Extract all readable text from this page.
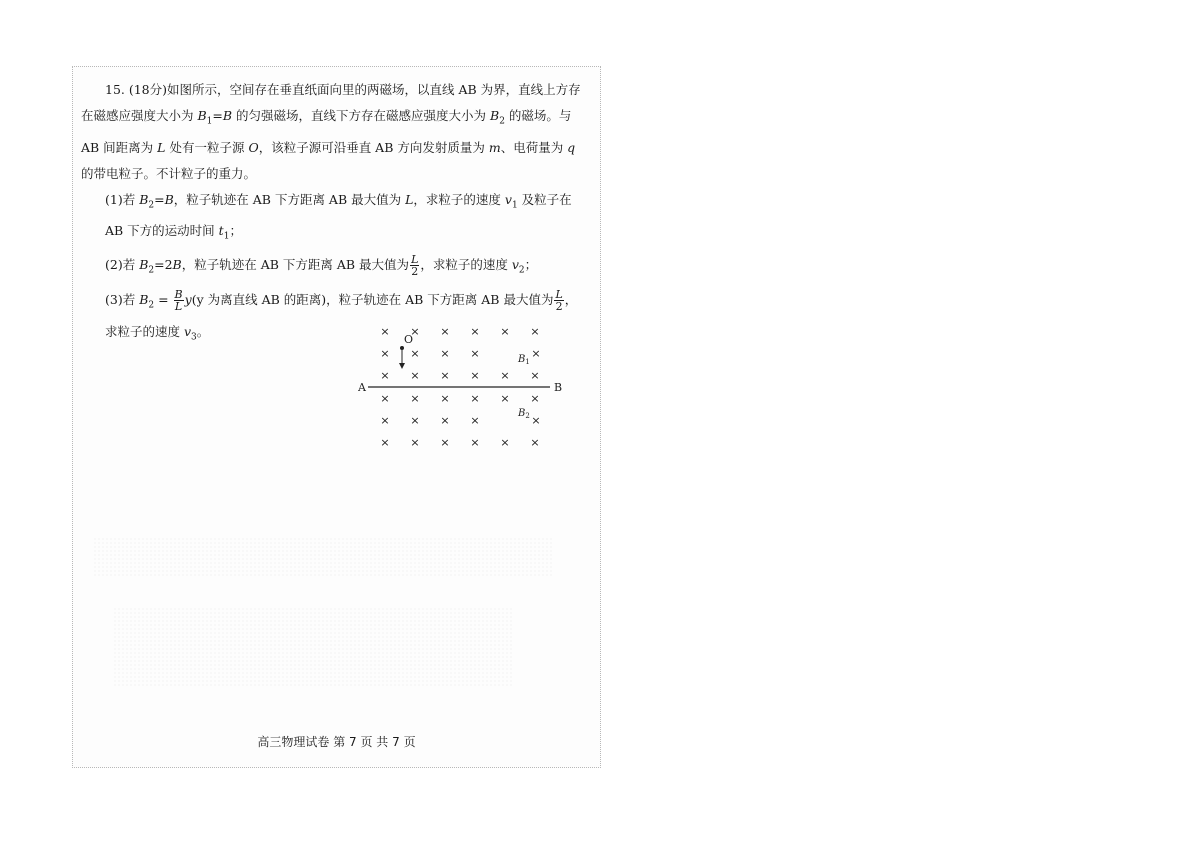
15. (18分)如图所示，空间存在垂直纸面向里的两磁场，以直线 AB 为界，直线上方存在磁感应强度大小为 $B_1=B$ 的匀强磁场，直线下方存在磁感应强度大小为 $B_2$ 的磁场。与 AB 间距离为 L 处有一粒子源 O，该粒子源可沿垂直 AB 方向发射质量为 m、电荷量为 q 的带电粒子。不计粒子的重力。

(1)若 $B_2=B$，粒子轨迹在 AB 下方距离 AB 最大值为 L，求粒子的速度 $v_1$ 及粒子在 AB 下方的运动时间 $t_1$；

(2)若 $B_2=2B$，粒子轨迹在 AB 下方距离 AB 最大值为 $\frac{L}{2}$ ，求粒子的速度 $v_2$；

(3)若 $B_2 = \frac{B}{L} y(y$ 为离直线 AB 的距离)，粒子轨迹在 AB 下方距离 AB 最大值为 $\frac{L}{2}$ ，求粒子的速度 $v_3$。	× × × × × ×
× × × ×	×
× × × × × ×
× × × × × ×
× × × ×	×
× × × × × ×
A	B
O
$B_1$
$B_2$
高三物理试卷 第 7 页 共 7 页
